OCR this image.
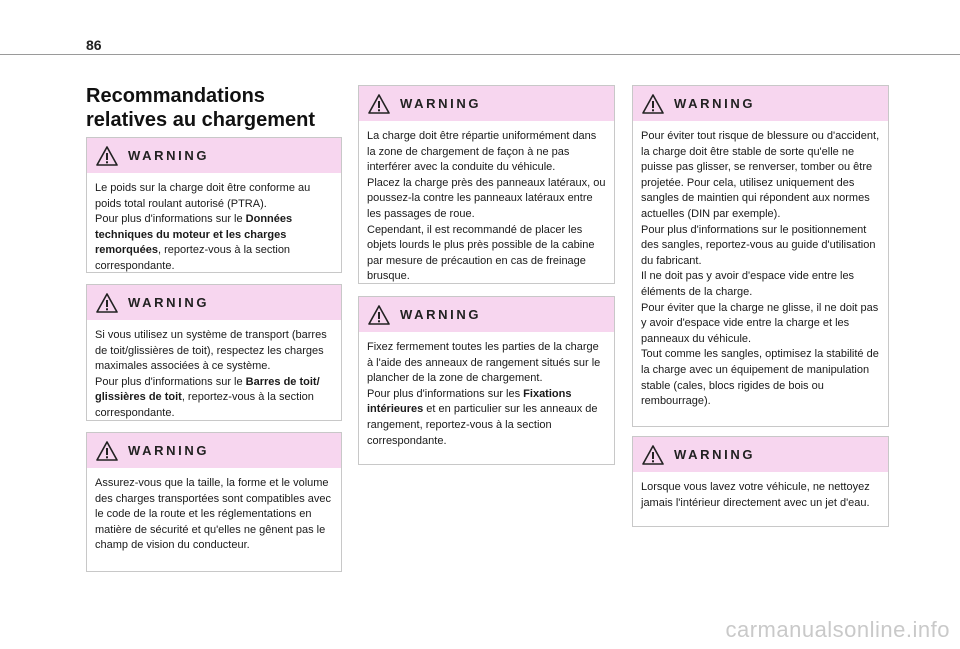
86
Recommandations relatives au chargement
WARNING

Le poids sur la charge doit être conforme au poids total roulant autorisé (PTRA).

Pour plus d'informations sur le Données techniques du moteur et les charges remorquées, reportez-vous à la section correspondante.

WARNING

Si vous utilisez un système de transport (barres de toit/glissières de toit), respectez les charges maximales associées à ce système.

Pour plus d'informations sur le Barres de toit/ glissières de toit, reportez-vous à la section correspondante.

WARNING

Assurez-vous que la taille, la forme et le volume des charges transportées sont compatibles avec le code de la route et les réglementations en matière de sécurité et qu'elles ne gênent pas le champ de vision du conducteur.

WARNING

La charge doit être répartie uniformément dans la zone de chargement de façon à ne pas interférer avec la conduite du véhicule.

Placez la charge près des panneaux latéraux, ou poussez-la contre les panneaux latéraux entre les passages de roue.

Cependant, il est recommandé de placer les objets lourds le plus près possible de la cabine par mesure de précaution en cas de freinage brusque.

WARNING

Fixez fermement toutes les parties de la charge à l'aide des anneaux de rangement situés sur le plancher de la zone de chargement.

Pour plus d'informations sur les Fixations intérieures et en particulier sur les anneaux de rangement, reportez-vous à la section correspondante.

WARNING

Pour éviter tout risque de blessure ou d'accident, la charge doit être stable de sorte qu'elle ne puisse pas glisser, se renverser, tomber ou être projetée. Pour cela, utilisez uniquement des sangles de maintien qui répondent aux normes actuelles (DIN par exemple).

Pour plus d'informations sur le positionnement des sangles, reportez-vous au guide d'utilisation du fabricant.

Il ne doit pas y avoir d'espace vide entre les éléments de la charge.

Pour éviter que la charge ne glisse, il ne doit pas y avoir d'espace vide entre la charge et les panneaux du véhicule.

Tout comme les sangles, optimisez la stabilité de la charge avec un équipement de manipulation stable (cales, blocs rigides de bois ou rembourrage).

WARNING

Lorsque vous lavez votre véhicule, ne nettoyez jamais l'intérieur directement avec un jet d'eau.

carmanualsonline.info
